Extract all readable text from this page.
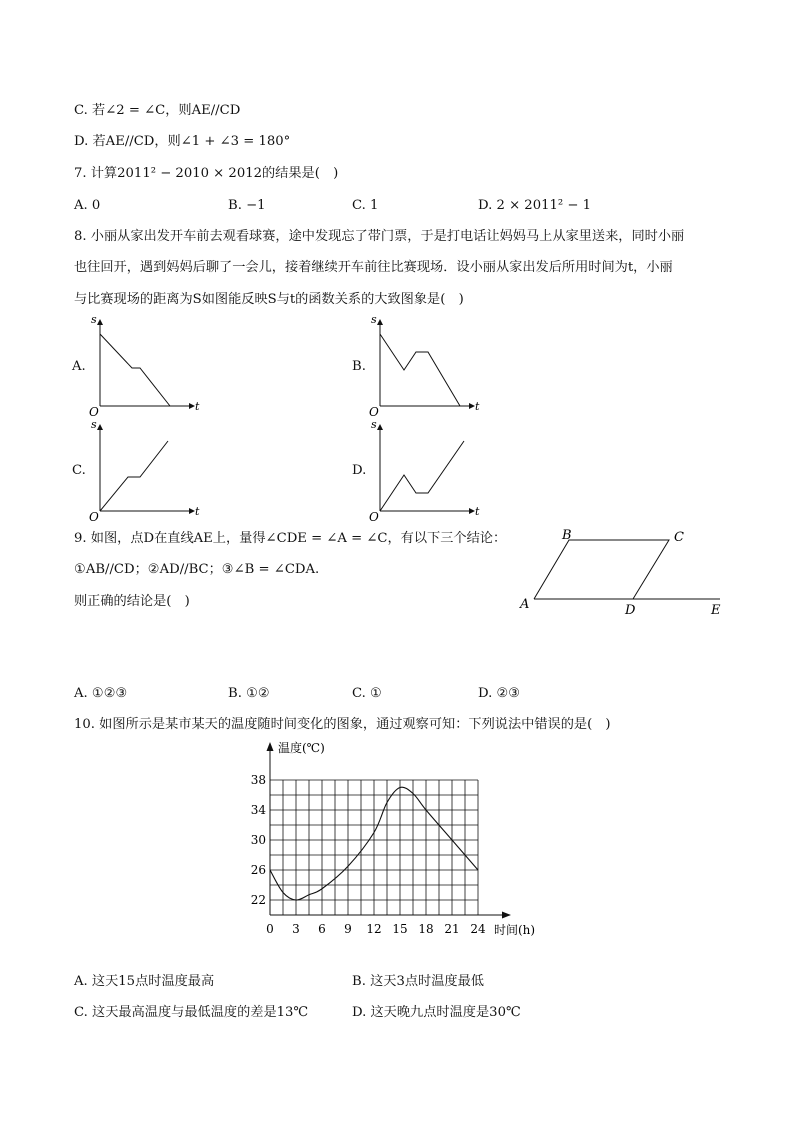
C. 若∠2 = ∠C，则AE//CD
D. 若AE//CD，则∠1 + ∠3 = 180°
7. 计算2011² − 2010 × 2012的结果是(　)
A. 0	B. −1	C. 1	D. 2 × 2011² − 1
8. 小丽从家出发开车前去观看球赛，途中发现忘了带门票，于是打电话让妈妈马上从家里送来，同时小丽
也往回开，遇到妈妈后聊了一会儿，接着继续开车前往比赛现场．设小丽从家出发后所用时间为t，小丽
与比赛现场的距离为S如图能反映S与t的函数关系的大致图象是(　)
A.	B.
C.	D.
s
t
O
s
t
O
s
t
O
s
t
O
9. 如图，点D在直线AE上，量得∠CDE = ∠A = ∠C，有以下三个结论：
①AB//CD；②AD//BC；③∠B = ∠CDA.
则正确的结论是(　)
B	C
A	D	E
A. ①②③	B. ①②	C. ①	D. ②③
10. 如图所示是某市某天的温度随时间变化的图象，通过观察可知：下列说法中错误的是(　)
温度(℃)
时间(h)
0 3 6 9 12 15 18 21 24
22
26
30
34
38
A. 这天15点时温度最高	B. 这天3点时温度最低
C. 这天最高温度与最低温度的差是13℃	D. 这天晚九点时温度是30℃
